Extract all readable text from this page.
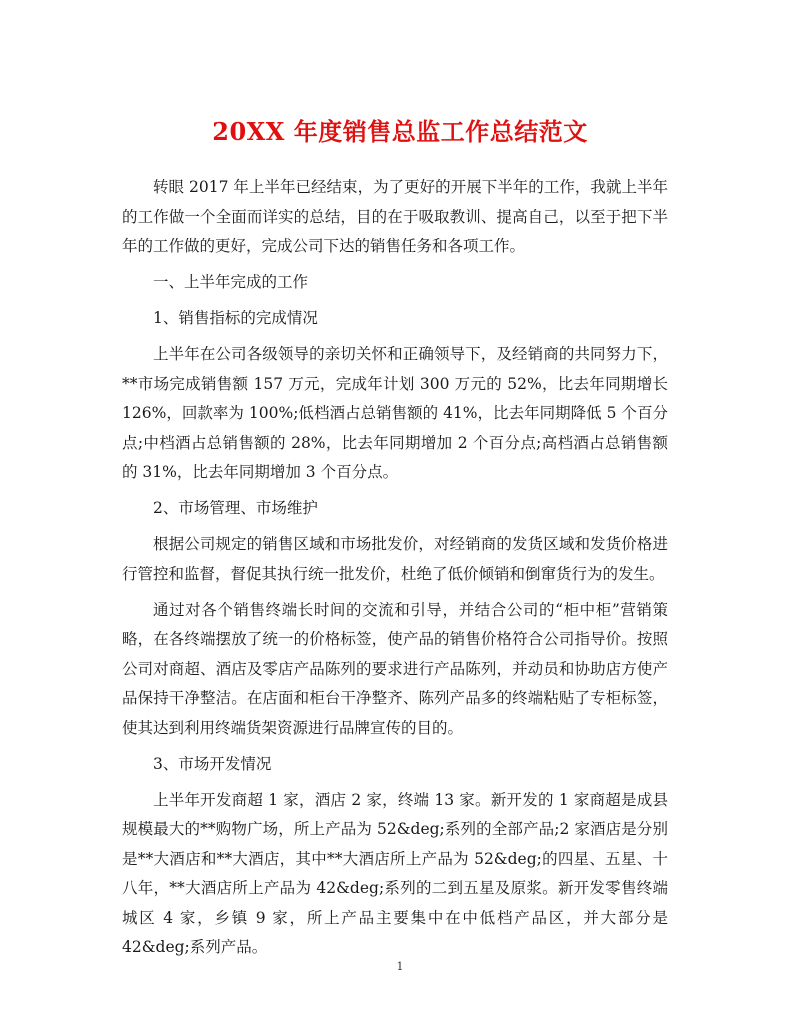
20XX 年度销售总监工作总结范文

转眼 2017 年上半年已经结束，为了更好的开展下半年的工作，我就上半年的工作做一个全面而详实的总结，目的在于吸取教训、提高自己，以至于把下半年的工作做的更好，完成公司下达的销售任务和各项工作。

一、上半年完成的工作

1、销售指标的完成情况

上半年在公司各级领导的亲切关怀和正确领导下，及经销商的共同努力下，**市场完成销售额 157 万元，完成年计划 300 万元的 52%，比去年同期增长 126%，回款率为 100%;低档酒占总销售额的 41%，比去年同期降低 5 个百分点;中档酒占总销售额的 28%，比去年同期增加 2 个百分点;高档酒占总销售额的 31%，比去年同期增加 3 个百分点。

2、市场管理、市场维护

根据公司规定的销售区域和市场批发价，对经销商的发货区域和发货价格进行管控和监督，督促其执行统一批发价，杜绝了低价倾销和倒窜货行为的发生。

通过对各个销售终端长时间的交流和引导，并结合公司的“柜中柜”营销策略，在各终端摆放了统一的价格标签，使产品的销售价格符合公司指导价。按照公司对商超、酒店及零店产品陈列的要求进行产品陈列，并动员和协助店方使产品保持干净整洁。在店面和柜台干净整齐、陈列产品多的终端粘贴了专柜标签，使其达到利用终端货架资源进行品牌宣传的目的。

3、市场开发情况

上半年开发商超 1 家，酒店 2 家，终端 13 家。新开发的 1 家商超是成县规模最大的**购物广场，所上产品为 52&deg;系列的全部产品;2 家酒店是分别是**大酒店和**大酒店，其中**大酒店所上产品为 52&deg;的四星、五星、十八年，**大酒店所上产品为 42&deg;系列的二到五星及原浆。新开发零售终端城区 4 家，乡镇 9 家，所上产品主要集中在中低档产品区，并大部分是 42&deg;系列产品。

1
